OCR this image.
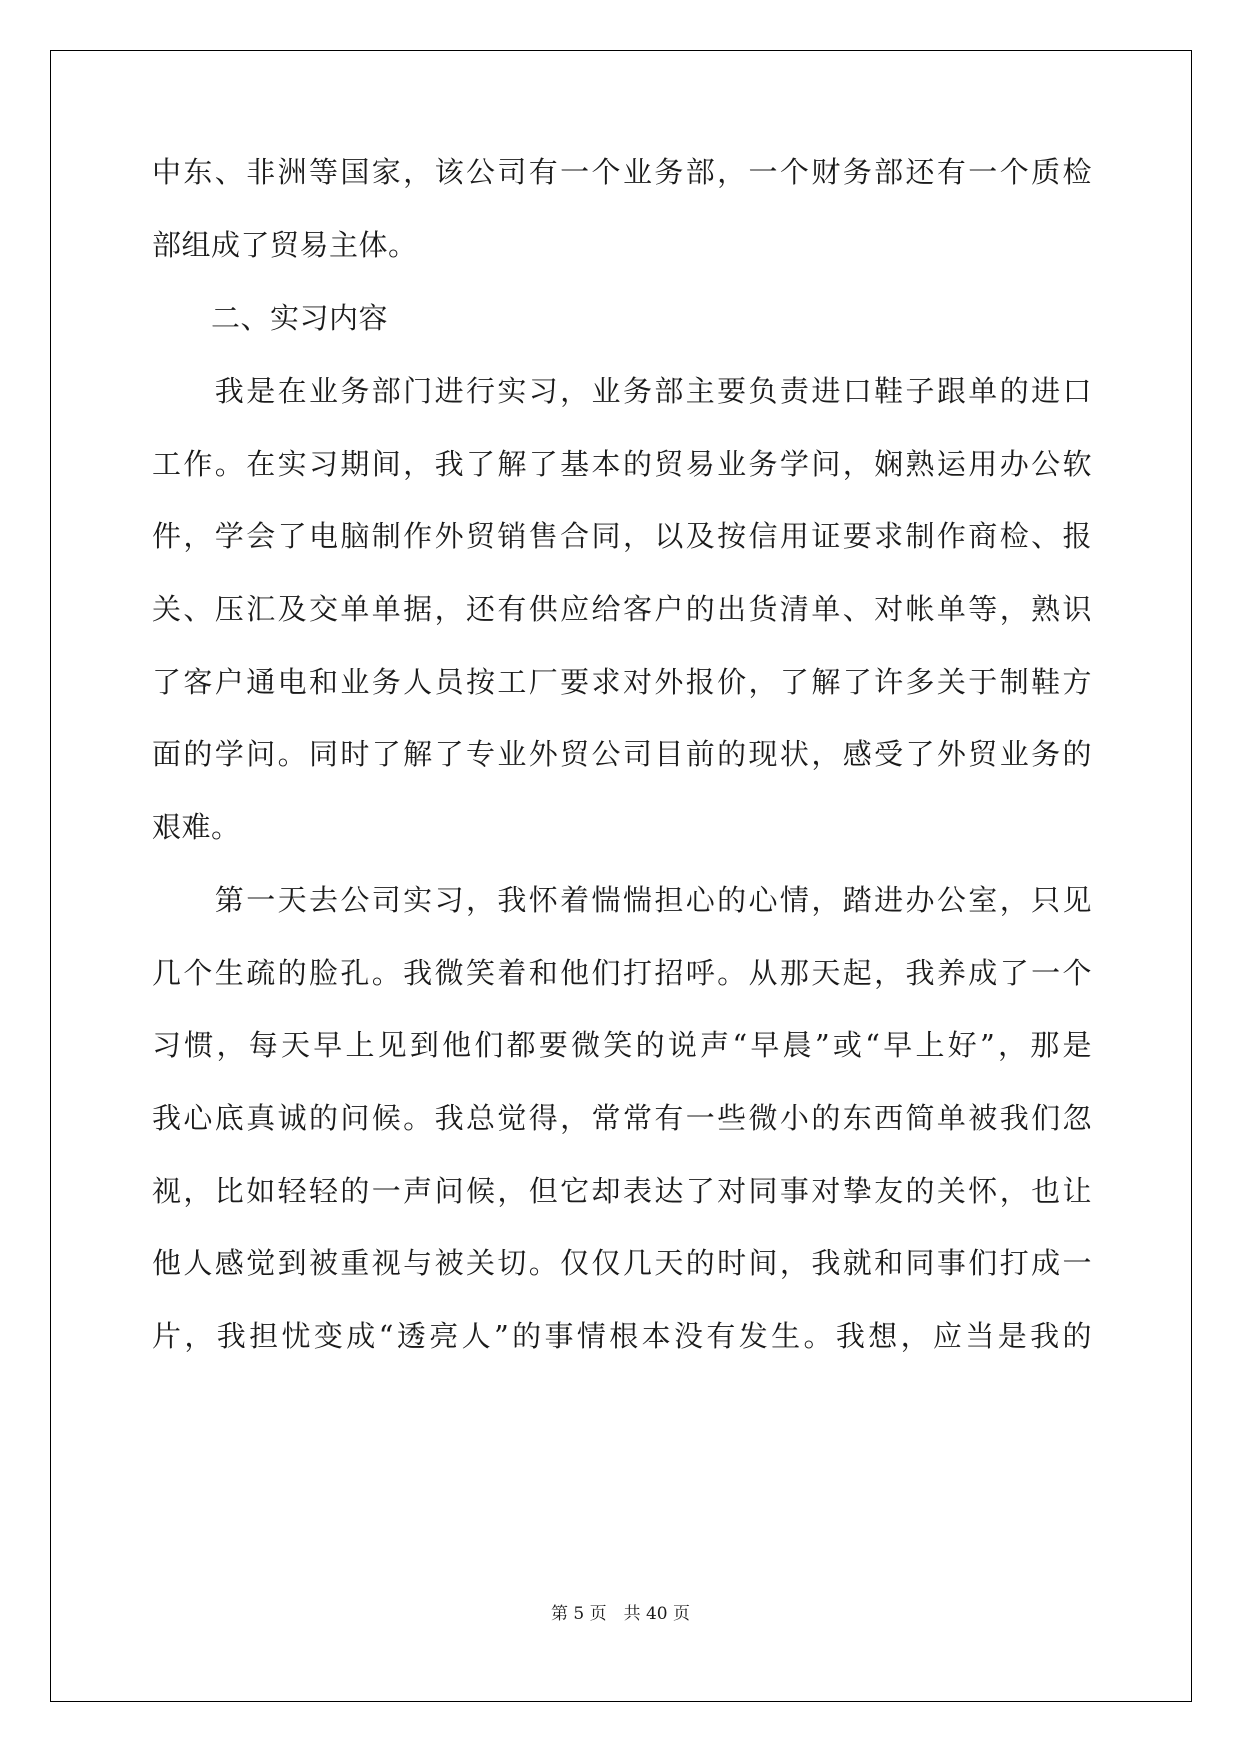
中东、非洲等国家，该公司有一个业务部，一个财务部还有一个质检
部组成了贸易主体。
　　二、实习内容
　　我是在业务部门进行实习，业务部主要负责进口鞋子跟单的进口
工作。在实习期间，我了解了基本的贸易业务学问，娴熟运用办公软
件，学会了电脑制作外贸销售合同，以及按信用证要求制作商检、报
关、压汇及交单单据，还有供应给客户的出货清单、对帐单等，熟识
了客户通电和业务人员按工厂要求对外报价，了解了许多关于制鞋方
面的学问。同时了解了专业外贸公司目前的现状，感受了外贸业务的
艰难。
　　第一天去公司实习，我怀着惴惴担心的心情，踏进办公室，只见
几个生疏的脸孔。我微笑着和他们打招呼。从那天起，我养成了一个
习惯，每天早上见到他们都要微笑的说声“早晨”或“早上好”，那是
我心底真诚的问候。我总觉得，常常有一些微小的东西简单被我们忽
视，比如轻轻的一声问候，但它却表达了对同事对挚友的关怀，也让
他人感觉到被重视与被关切。仅仅几天的时间，我就和同事们打成一
片，我担忧变成“透亮人”的事情根本没有发生。我想，应当是我的
第 5 页　共 40 页
